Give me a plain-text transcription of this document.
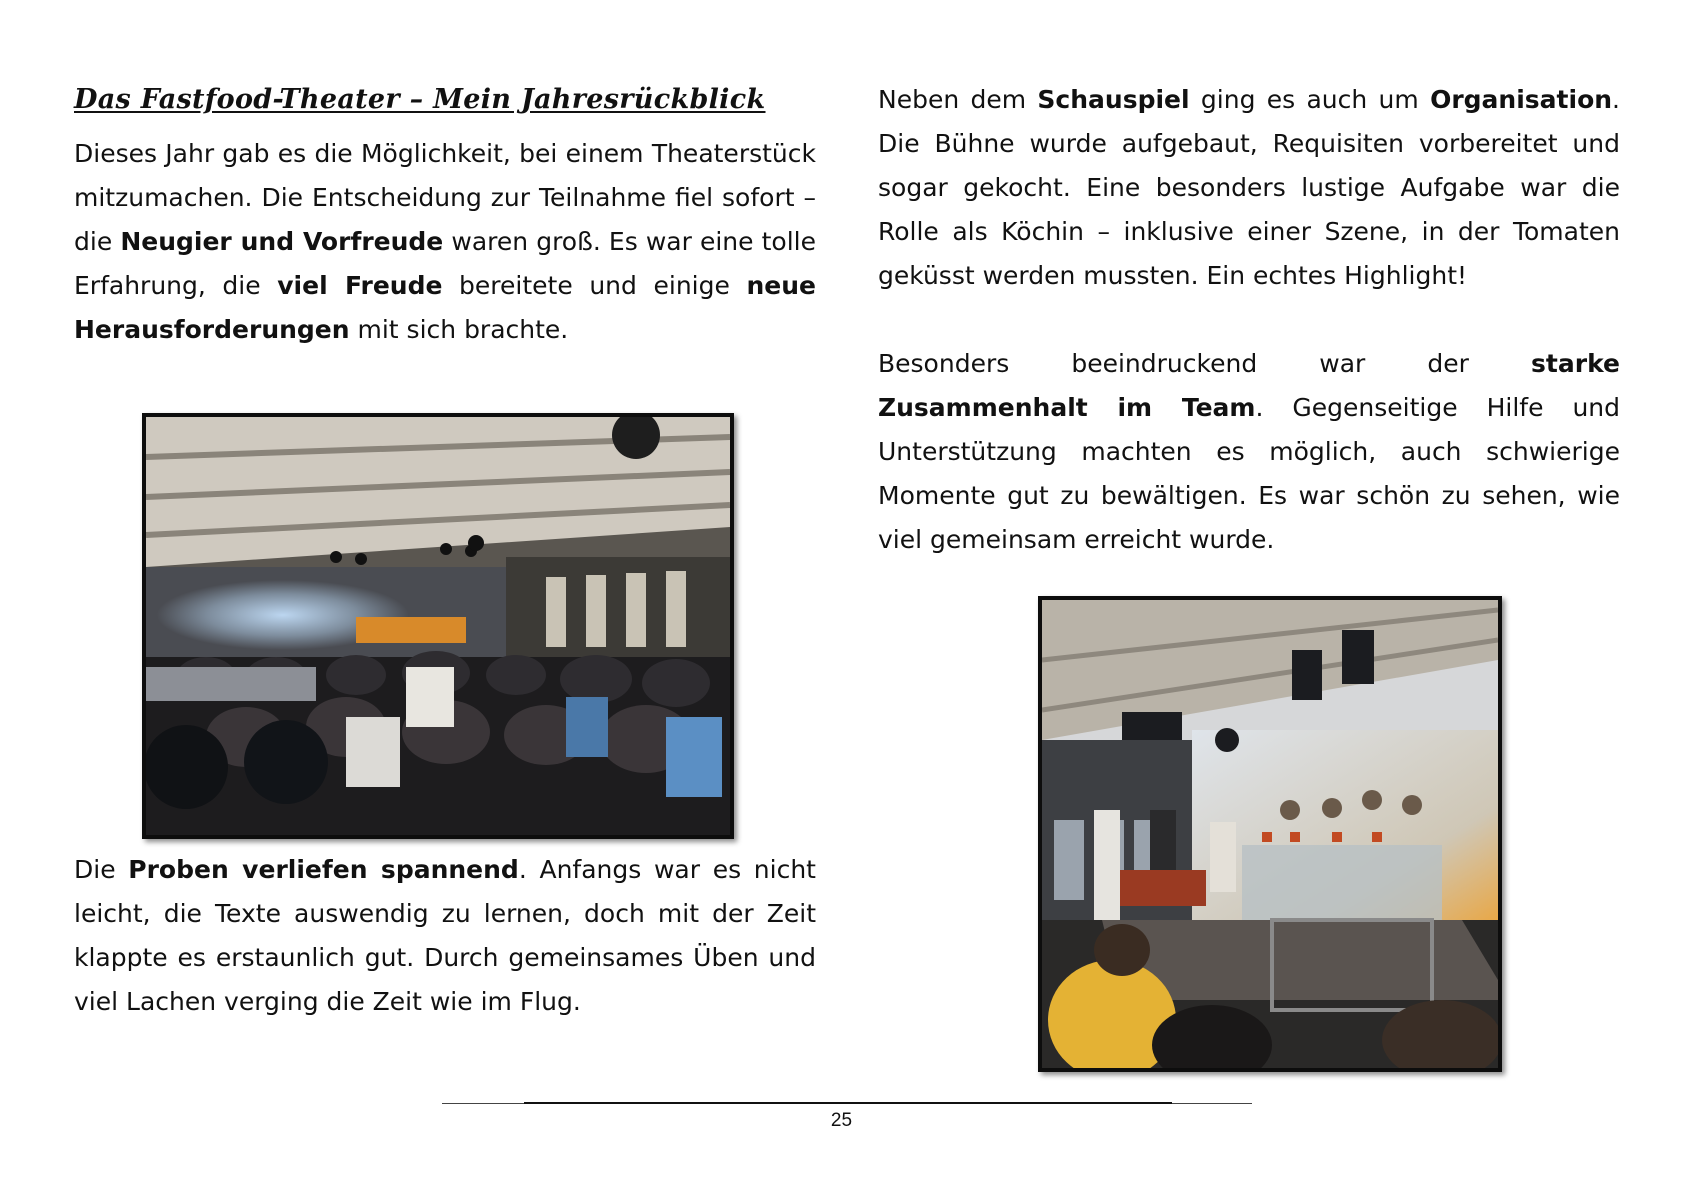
Das Fastfood-Theater – Mein Jahresrückblick

Dieses Jahr gab es die Möglichkeit, bei einem Theaterstück mitzumachen. Die Entscheidung zur Teilnahme fiel sofort – die Neugier und Vorfreude waren groß. Es war eine tolle Erfahrung, die viel Freude bereitete und einige neue Herausforderungen mit sich brachte.

Die Proben verliefen spannend. Anfangs war es nicht leicht, die Texte auswendig zu lernen, doch mit der Zeit klappte es erstaunlich gut. Durch gemeinsames Üben und viel Lachen verging die Zeit wie im Flug.

Neben dem Schauspiel ging es auch um Organisation. Die Bühne wurde aufgebaut, Requisiten vorbereitet und sogar gekocht. Eine besonders lustige Aufgabe war die Rolle als Köchin – inklusive einer Szene, in der Tomaten geküsst werden mussten. Ein echtes Highlight!

Besonders beeindruckend war der starke Zusammenhalt im Team. Gegenseitige Hilfe und Unterstützung machten es möglich, auch schwierige Momente gut zu bewältigen. Es war schön zu sehen, wie viel gemeinsam erreicht wurde.

25
